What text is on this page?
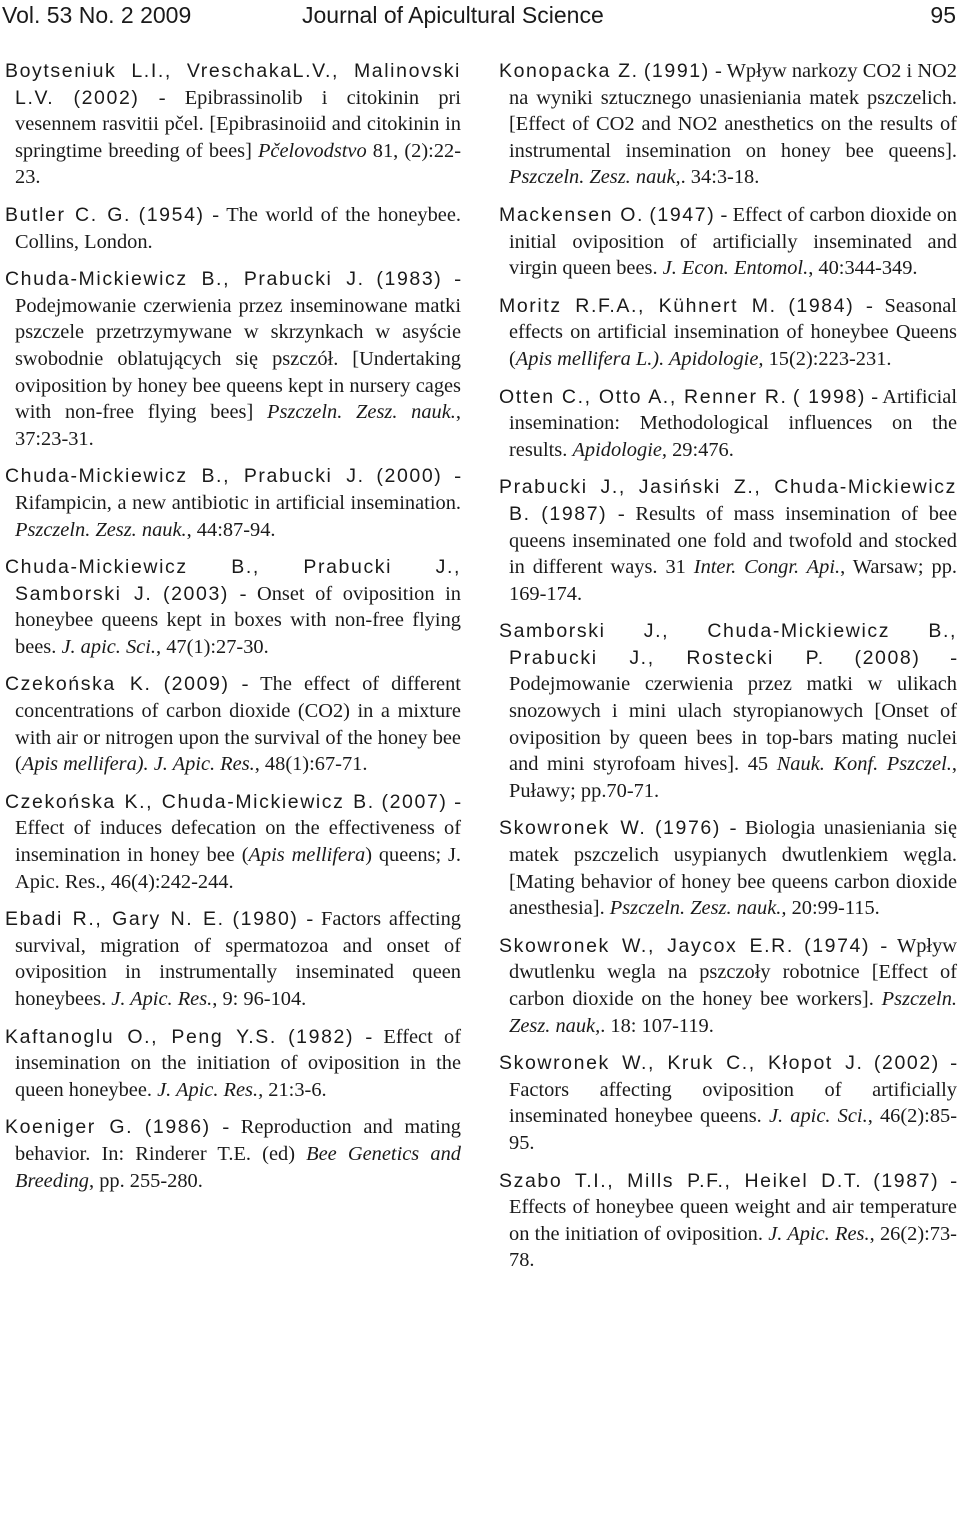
Vol. 53 No. 2 2009	Journal of Apicultural Science	95

Boytseniuk L.I., VreschakaL.V., Malinovski L.V. (2002) - Epibrassinolib i citokinin pri vesennem rasvitii pčel. [Epibrasinoiid and citokinin in springtime breeding of bees] Pčelovodstvo 81, (2):22-23.

Butler C. G. (1954) - The world of the honeybee. Collins, London.

Chuda-Mickiewicz B., Prabucki J. (1983) - Podejmowanie czerwienia przez inseminowane matki pszczele przetrzymywane w skrzynkach w asyście swobodnie oblatujących się pszczół. [Undertaking oviposition by honey bee queens kept in nursery cages with non-free flying bees] Pszczeln. Zesz. nauk., 37:23-31.

Chuda-Mickiewicz B., Prabucki J. (2000) - Rifampicin, a new antibiotic in artificial insemination. Pszczeln. Zesz. nauk., 44:87-94.

Chuda-Mickiewicz B., Prabucki J., Samborski J. (2003) - Onset of oviposition in honeybee queens kept in boxes with non-free flying bees. J. apic. Sci., 47(1):27-30.

Czekońska K. (2009) - The effect of different concentrations of carbon dioxide (CO2) in a mixture with air or nitrogen upon the survival of the honey bee (Apis mellifera). J. Apic. Res., 48(1):67-71.

Czekońska K., Chuda-Mickiewicz B. (2007) - Effect of induces defecation on the effectiveness of insemination in honey bee (Apis mellifera) queens; J. Apic. Res., 46(4):242-244.

Ebadi R., Gary N. E. (1980) - Factors affecting survival, migration of spermatozoa and onset of oviposition in instrumentally inseminated queen honeybees. J. Apic. Res., 9: 96-104.

Kaftanoglu O., Peng Y.S. (1982) - Effect of insemination on the initiation of oviposition in the queen honeybee. J. Apic. Res., 21:3-6.

Koeniger G. (1986) - Reproduction and mating behavior. In: Rinderer T.E. (ed) Bee Genetics and Breeding, pp. 255-280.

Konopacka Z. (1991) - Wpływ narkozy CO2 i NO2 na wyniki sztucznego unasieniania matek pszczelich. [Effect of CO2 and NO2 anesthetics on the results of instrumental insemination on honey bee queens]. Pszczeln. Zesz. nauk,. 34:3-18.

Mackensen O. (1947) - Effect of carbon dioxide on initial oviposition of artificially inseminated and virgin queen bees. J. Econ. Entomol., 40:344-349.

Moritz R.F.A., Kühnert M. (1984) - Seasonal effects on artificial insemination of honeybee Queens (Apis mellifera L.). Apidologie, 15(2):223-231.

Otten C., Otto A., Renner R. ( 1998) - Artificial insemination: Methodological influences on the results. Apidologie, 29:476.

Prabucki J., Jasiński Z., Chuda-Mickiewicz B. (1987) - Results of mass insemination of bee queens inseminated one fold and twofold and stocked in different ways. 31 Inter. Congr. Api., Warsaw; pp. 169-174.

Samborski J., Chuda-Mickiewicz B., Prabucki J., Rostecki P. (2008) - Podejmowanie czerwienia przez matki w ulikach snozowych i mini ulach styropianowych [Onset of oviposition by queen bees in top-bars mating nuclei and mini styrofoam hives]. 45 Nauk. Konf. Pszczel., Puławy; pp.70-71.

Skowronek W. (1976) - Biologia unasieniania się matek pszczelich usypianych dwutlenkiem węgla. [Mating behavior of honey bee queens carbon dioxide anesthesia]. Pszczeln. Zesz. nauk., 20:99-115.

Skowronek W., Jaycox E.R. (1974) - Wpływ dwutlenku wegla na pszczoły robotnice [Effect of carbon dioxide on the honey bee workers]. Pszczeln. Zesz. nauk,. 18: 107-119.

Skowronek W., Kruk C., Kłopot J. (2002) - Factors affecting oviposition of artificially inseminated honeybee queens. J. apic. Sci., 46(2):85-95.

Szabo T.I., Mills P.F., Heikel D.T. (1987) - Effects of honeybee queen weight and air temperature on the initiation of oviposition. J. Apic. Res., 26(2):73-78.
